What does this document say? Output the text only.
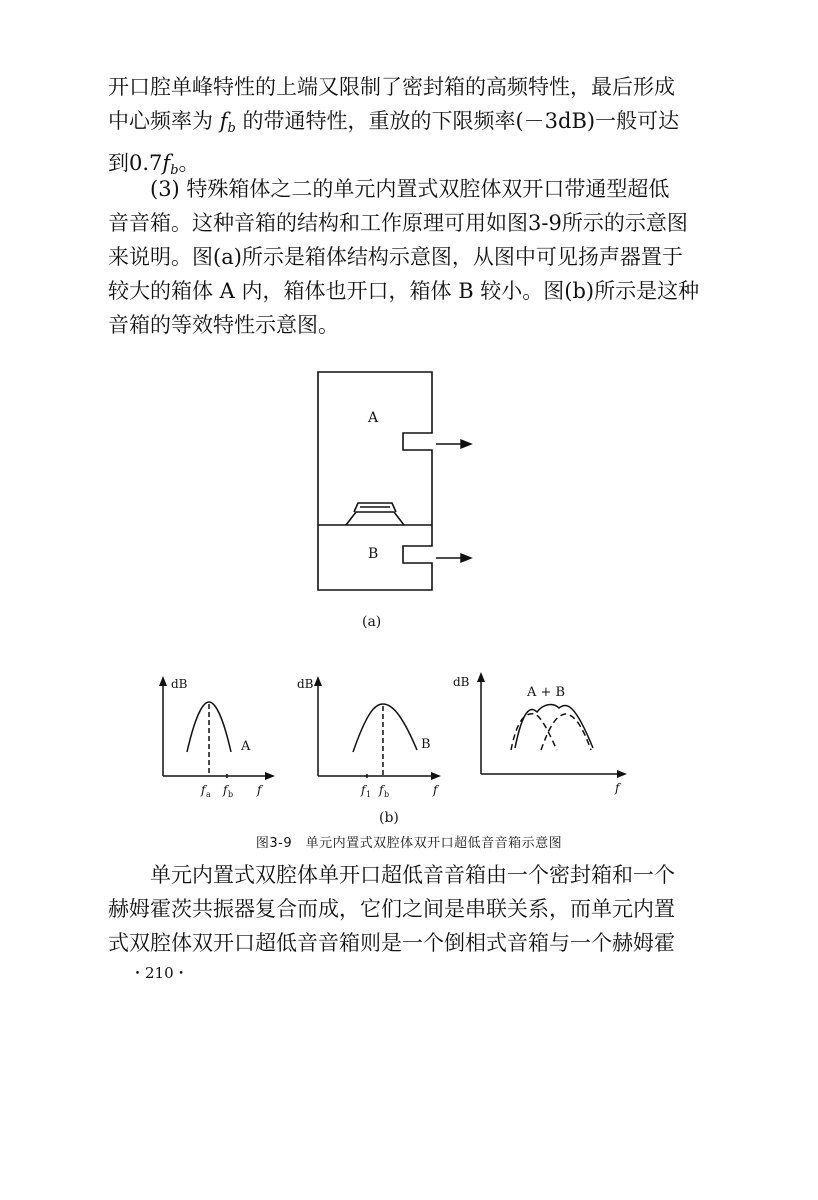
开口腔单峰特性的上端又限制了密封箱的高频特性，最后形成
中心频率为 $f_b$ 的带通特性，重放的下限频率(－3dB)一般可达
到$0.7f_b$。
(3) 特殊箱体之二的单元内置式双腔体双开口带通型超低
音音箱。这种音箱的结构和工作原理可用如图3-9所示的示意图
来说明。图(a)所示是箱体结构示意图，从图中可见扬声器置于
较大的箱体 A 内，箱体也开口，箱体 B 较小。图(b)所示是这种
音箱的等效特性示意图。
A
B
(a)
dB
A
f a f b f
dB
B
f 1 f b	f
dB
A + B
f
(b)
图3-9　单元内置式双腔体双开口超低音音箱示意图
单元内置式双腔体单开口超低音音箱由一个密封箱和一个
赫姆霍茨共振器复合而成，它们之间是串联关系，而单元内置
式双腔体双开口超低音音箱则是一个倒相式音箱与一个赫姆霍
・210・
